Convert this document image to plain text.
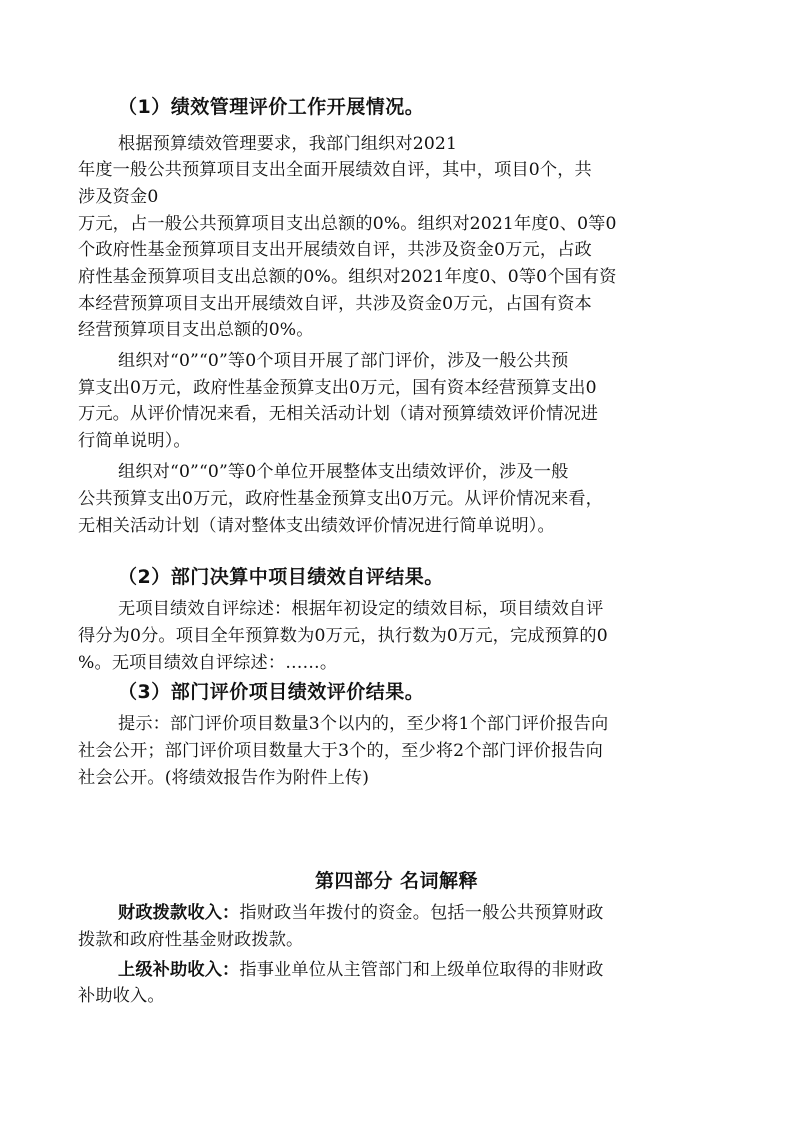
（1）绩效管理评价工作开展情况。
根据预算绩效管理要求，我部门组织对2021
年度一般公共预算项目支出全面开展绩效自评，其中，项目0个，共
涉及资金0
万元，占一般公共预算项目支出总额的0%。组织对2021年度0、0等0
个政府性基金预算项目支出开展绩效自评，共涉及资金0万元，占政
府性基金预算项目支出总额的0%。组织对2021年度0、0等0个国有资
本经营预算项目支出开展绩效自评，共涉及资金0万元，占国有资本
经营预算项目支出总额的0%。
组织对“0”“0”等0个项目开展了部门评价，涉及一般公共预
算支出0万元，政府性基金预算支出0万元，国有资本经营预算支出0
万元。从评价情况来看，无相关活动计划（请对预算绩效评价情况进
行简单说明）。
组织对“0”“0”等0个单位开展整体支出绩效评价，涉及一般
公共预算支出0万元，政府性基金预算支出0万元。从评价情况来看，
无相关活动计划（请对整体支出绩效评价情况进行简单说明）。
（2）部门决算中项目绩效自评结果。
无项目绩效自评综述：根据年初设定的绩效目标，项目绩效自评
得分为0分。项目全年预算数为0万元，执行数为0万元，完成预算的0
%。无项目绩效自评综述：……。
（3）部门评价项目绩效评价结果。
提示：部门评价项目数量3个以内的，至少将1个部门评价报告向
社会公开；部门评价项目数量大于3个的，至少将2个部门评价报告向
社会公开。(将绩效报告作为附件上传)
第四部分 名词解释
财政拨款收入：指财政当年拨付的资金。包括一般公共预算财政
拨款和政府性基金财政拨款。
上级补助收入：指事业单位从主管部门和上级单位取得的非财政
补助收入。
